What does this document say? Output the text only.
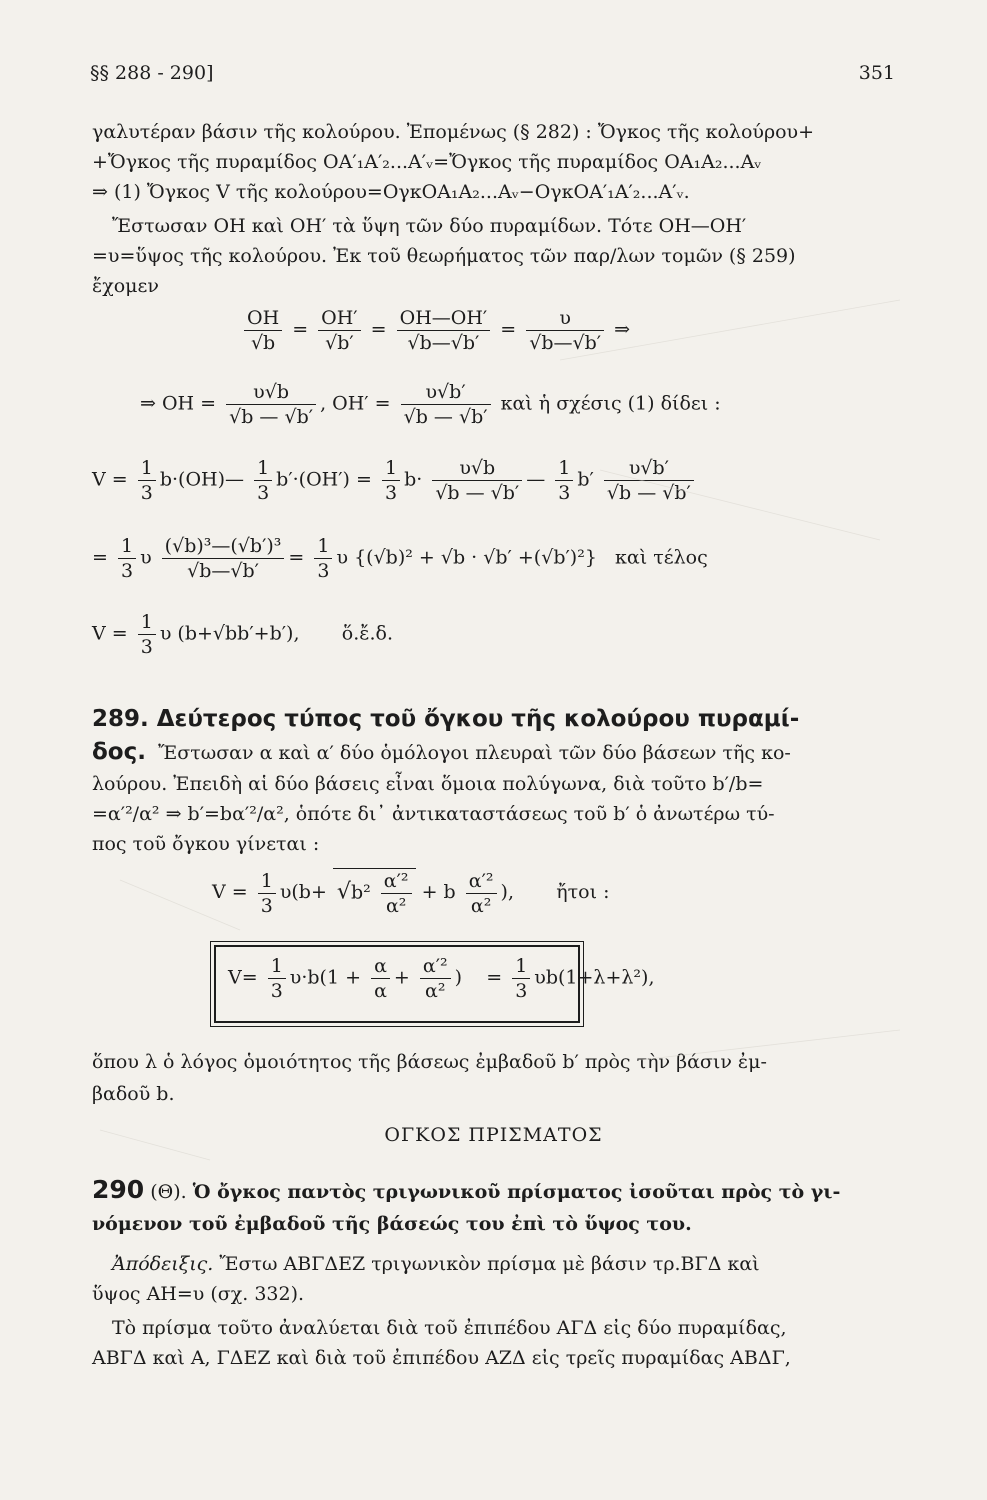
§§ 288 - 290]	351
γαλυτέραν βάσιν τῆς κολούρου. Ἐπομένως (§ 282) : Ὄγκος τῆς κολούρου+
+Ὄγκος τῆς πυραμίδος ΟΑ′₁Α′₂...Α′ᵥ=Ὄγκος τῆς πυραμίδος ΟΑ₁Α₂...Αᵥ
⇒ (1) Ὄγκος V τῆς κολούρου=ΟγκΟΑ₁Α₂...Αᵥ−ΟγκΟΑ′₁Α′₂...Α′ᵥ.
Ἔστωσαν ΟΗ καὶ ΟΗ′ τὰ ὕψη τῶν δύο πυραμίδων. Τότε ΟΗ—ΟΗ′
=υ=ὕψος τῆς κολούρου. Ἐκ τοῦ θεωρήματος τῶν παρ/λων τομῶν (§ 259)
ἔχομεν
$\frac{OH}{√b} = \frac{OH'}{√b'} = \frac{OH—OH'}{√b—√b'} = \frac{\upsilon}{√b—√b'}$ ⇒
⇒ $OH = \frac{\upsilon√b}{√b — √b'}$ , $OH' = \frac{\upsilon√b'}{√b — √b'}$ καὶ ἡ σχέσις (1) δίδει :
$V = \frac{1}{3}$ b·(ΟΗ)— $\frac{1}{3} b'\cdot(OH') = \frac{1}{3} b\cdot \frac{\upsilon√b}{√b — √b'}$ — $\frac{1}{3} b' \frac{\upsilon√b'}{√b — √b'}$
= $\frac{1}{3}$ υ $\frac{\text{(√b)³—(√b′)³}}{√b—√b'} = \frac{1}{3}$ υ {(√b)² + √b · √b′ +(√b′)²} καὶ τέλος
$V = \frac{1}{3}$ υ (b+√bb′+b′), ὅ.ἔ.δ.
289. Δεύτερος τύπος τοῦ ὄγκου τῆς κολούρου πυραμί-
δος. Ἔστωσαν α καὶ α′ δύο ὁμόλογοι πλευραὶ τῶν δύο βάσεων τῆς κο-
λούρου. Ἐπειδὴ αἱ δύο βάσεις εἶναι ὅμοια πολύγωνα, διὰ τοῦτο b′/b=
=α′²/α² ⇒ b′=bα′²/α², ὁπότε δι᾽ ἀντικαταστάσεως τοῦ b′ ὁ ἀνωτέρω τύ-
πος τοῦ ὄγκου γίνεται :
$V = \frac{1}{3} \upsilon(b+ √b^2 \frac{\text{α′²}}{\text{α²}} + b \frac{\text{α′²}}{\text{α²}}$ ), ἤτοι :
$V= \frac{1}{3} \upsilon\cdot b(1 + \frac{\alpha}{\alpha} + \frac{\text{α′²}}{\text{α²}}$ ) = $\frac{1}{3} \upsilon b(1+\lambda+\lambda^2)$,
ὅπου λ ὁ λόγος ὁμοιότητος τῆς βάσεως ἐμβαδοῦ b′ πρὸς τὴν βάσιν ἐμ-
βαδοῦ b.
ΟΓΚΟΣ ΠΡΙΣΜΑΤΟΣ
290 (Θ). Ὁ ὄγκος παντὸς τριγωνικοῦ πρίσματος ἰσοῦται πρὸς τὸ γι-
νόμενον τοῦ ἐμβαδοῦ τῆς βάσεώς του ἐπὶ τὸ ὕψος του.
Ἀπόδειξις. Ἔστω ΑΒΓΔΕΖ τριγωνικὸν πρίσμα μὲ βάσιν τρ.ΒΓΔ καὶ
ὕψος ΑΗ=υ (σχ. 332).
Τὸ πρίσμα τοῦτο ἀναλύεται διὰ τοῦ ἐπιπέδου ΑΓΔ εἰς δύο πυραμίδας,
ΑΒΓΔ καὶ Α, ΓΔΕΖ καὶ διὰ τοῦ ἐπιπέδου ΑΖΔ εἰς τρεῖς πυραμίδας ΑΒΔΓ,
